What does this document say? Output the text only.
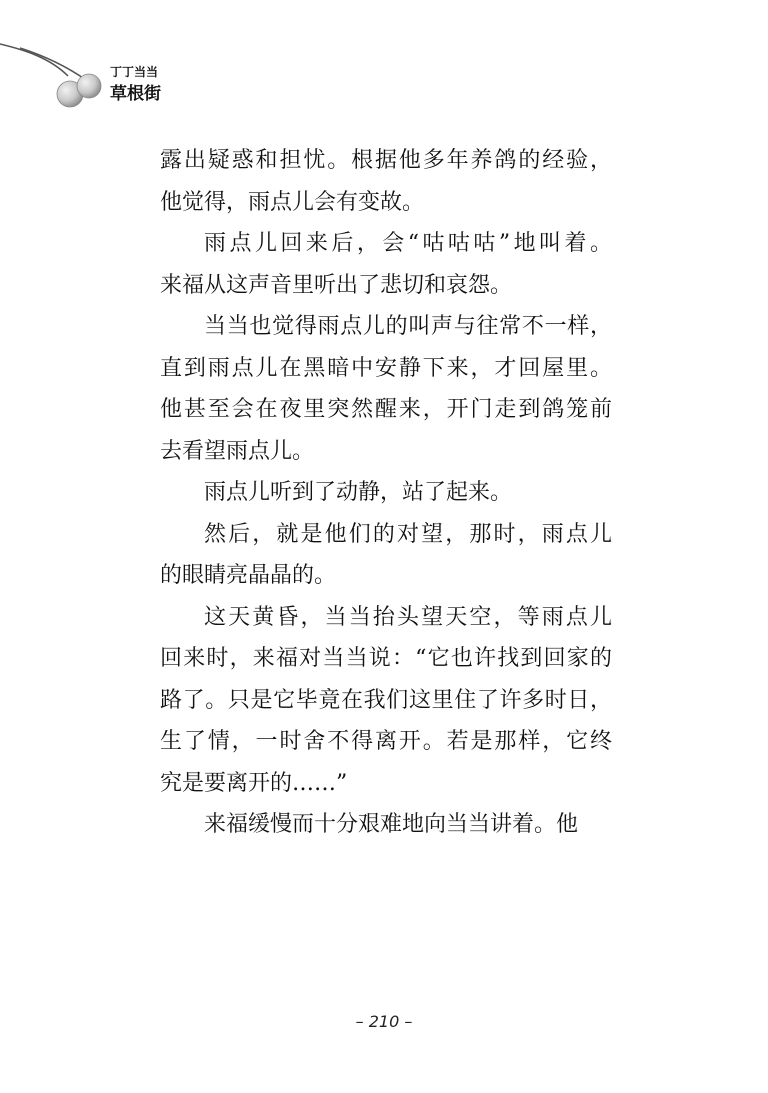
丁丁当当
草根街
露出疑惑和担忧。根据他多年养鸽的经验，
他觉得，雨点儿会有变故。
雨点儿回来后，会“咕咕咕”地叫着。
来福从这声音里听出了悲切和哀怨。
当当也觉得雨点儿的叫声与往常不一样，
直到雨点儿在黑暗中安静下来，才回屋里。
他甚至会在夜里突然醒来，开门走到鸽笼前
去看望雨点儿。
雨点儿听到了动静，站了起来。
然后，就是他们的对望，那时，雨点儿
的眼睛亮晶晶的。
这天黄昏，当当抬头望天空，等雨点儿
回来时，来福对当当说：“它也许找到回家的
路了。只是它毕竟在我们这里住了许多时日，
生了情，一时舍不得离开。若是那样，它终
究是要离开的……”
来福缓慢而十分艰难地向当当讲着。他
– 210 –
